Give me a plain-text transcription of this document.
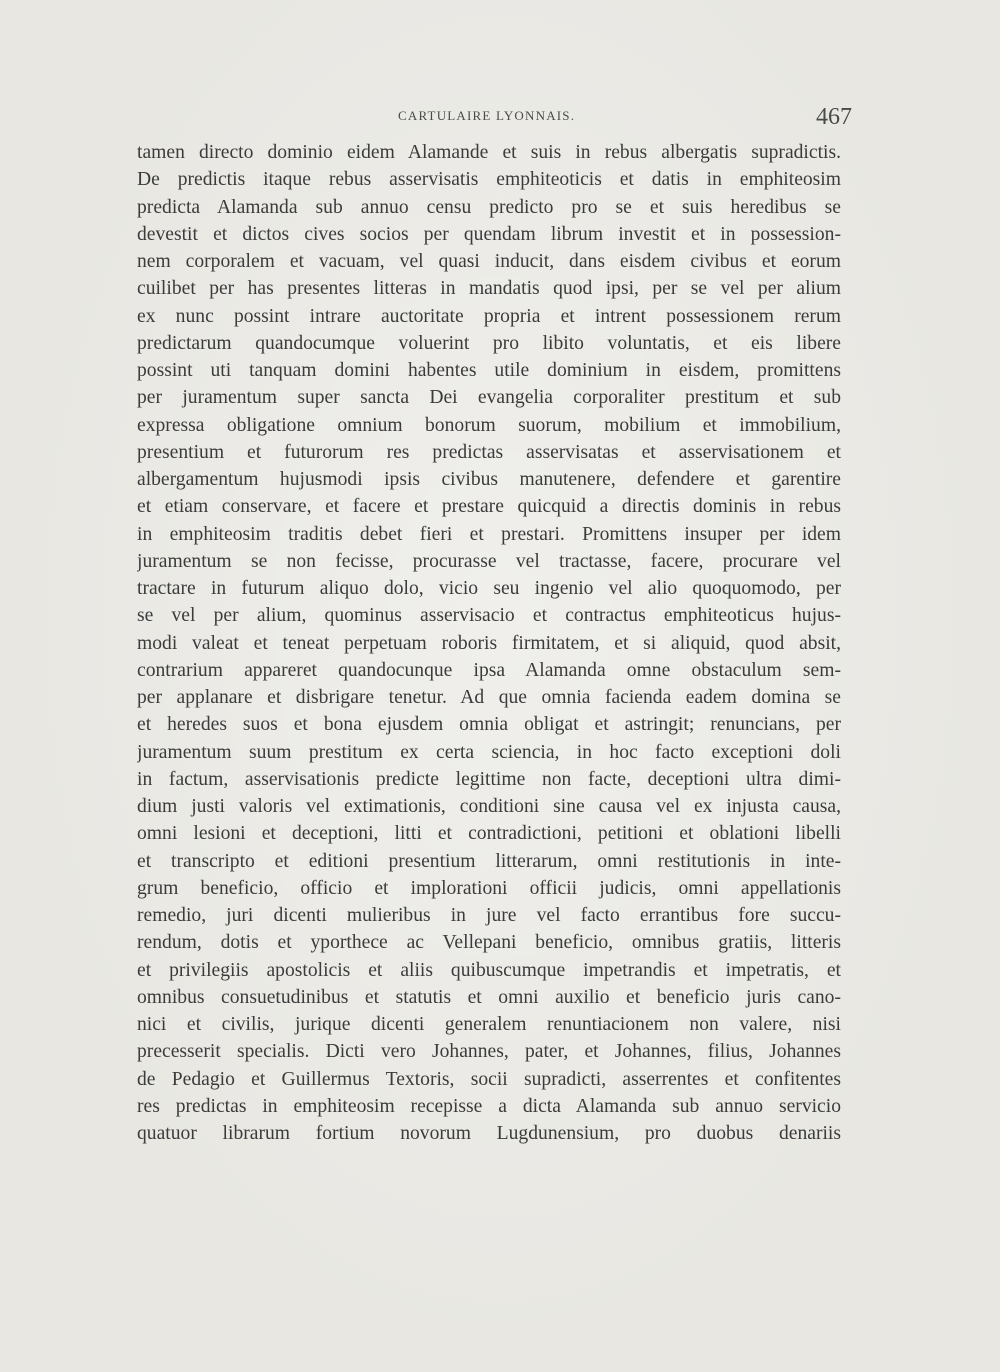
CARTULAIRE LYONNAIS.	467
tamen directo dominio eidem Alamande et suis in rebus albergatis supradictis.
De predictis itaque rebus asservisatis emphiteoticis et datis in emphiteosim
predicta Alamanda sub annuo censu predicto pro se et suis heredibus se
devestit et dictos cives socios per quendam librum investit et in possession-
nem corporalem et vacuam, vel quasi inducit, dans eisdem civibus et eorum
cuilibet per has presentes litteras in mandatis quod ipsi, per se vel per alium
ex nunc possint intrare auctoritate propria et intrent possessionem rerum
predictarum quandocumque voluerint pro libito voluntatis, et eis libere
possint uti tanquam domini habentes utile dominium in eisdem, promittens
per juramentum super sancta Dei evangelia corporaliter prestitum et sub
expressa obligatione omnium bonorum suorum, mobilium et immobilium,
presentium et futurorum res predictas asservisatas et asservisationem et
albergamentum hujusmodi ipsis civibus manutenere, defendere et garentire
et etiam conservare, et facere et prestare quicquid a directis dominis in rebus
in emphiteosim traditis debet fieri et prestari. Promittens insuper per idem
juramentum se non fecisse, procurasse vel tractasse, facere, procurare vel
tractare in futurum aliquo dolo, vicio seu ingenio vel alio quoquomodo, per
se vel per alium, quominus asservisacio et contractus emphiteoticus hujus-
modi valeat et teneat perpetuam roboris firmitatem, et si aliquid, quod absit,
contrarium appareret quandocunque ipsa Alamanda omne obstaculum sem-
per applanare et disbrigare tenetur. Ad que omnia facienda eadem domina se
et heredes suos et bona ejusdem omnia obligat et astringit; renuncians, per
juramentum suum prestitum ex certa sciencia, in hoc facto exceptioni doli
in factum, asservisationis predicte legittime non facte, deceptioni ultra dimi-
dium justi valoris vel extimationis, conditioni sine causa vel ex injusta causa,
omni lesioni et deceptioni, litti et contradictioni, petitioni et oblationi libelli
et transcripto et editioni presentium litterarum, omni restitutionis in inte-
grum beneficio, officio et implorationi officii judicis, omni appellationis
remedio, juri dicenti mulieribus in jure vel facto errantibus fore succu-
rendum, dotis et yporthece ac Vellepani beneficio, omnibus gratiis, litteris
et privilegiis apostolicis et aliis quibuscumque impetrandis et impetratis, et
omnibus consuetudinibus et statutis et omni auxilio et beneficio juris cano-
nici et civilis, jurique dicenti generalem renuntiacionem non valere, nisi
precesserit specialis. Dicti vero Johannes, pater, et Johannes, filius, Johannes
de Pedagio et Guillermus Textoris, socii supradicti, asserrentes et confitentes
res predictas in emphiteosim recepisse a dicta Alamanda sub annuo servicio
quatuor librarum fortium novorum Lugdunensium, pro duobus denariis
